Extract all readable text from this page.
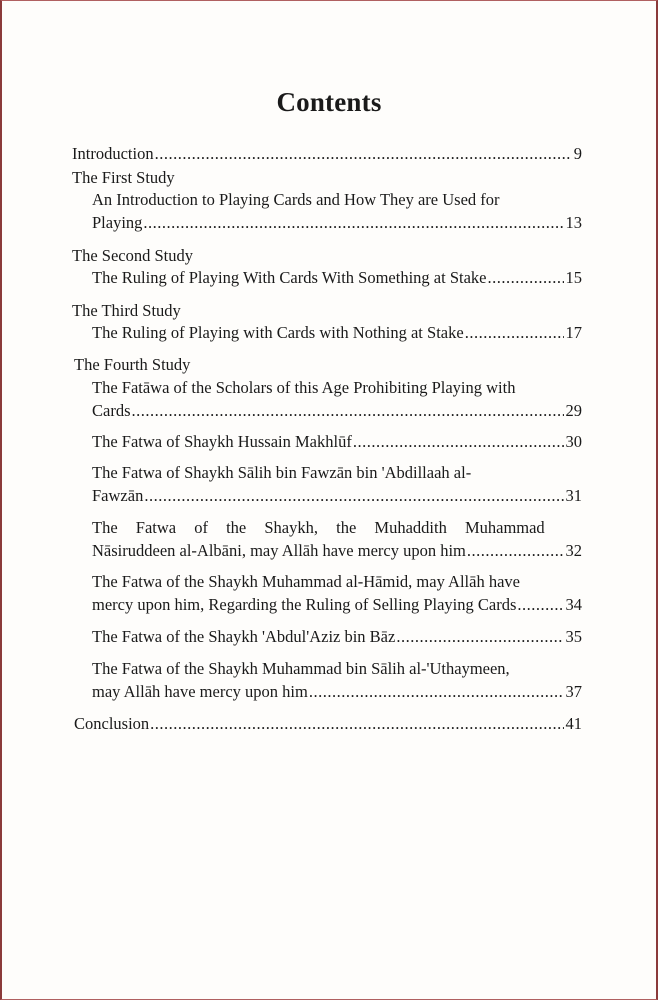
Contents
Introduction .....	9
The First Study
An Introduction to Playing Cards and How They are Used for
Playing .....	13
The Second Study
The Ruling of Playing With Cards With Something at Stake .....	15
The Third Study
The Ruling of Playing with Cards with Nothing at Stake .....	17
The Fourth Study
The Fatāwa of the Scholars of this Age Prohibiting Playing with
Cards .....	29
The Fatwa of Shaykh Hussain Makhlūf .....	30
The Fatwa of Shaykh Sālih bin Fawzān bin 'Abdillaah al-
Fawzān .....	31
The Fatwa of the Shaykh, the Muhaddith Muhammad
Nāsiruddeen al-Albāni, may Allāh have mercy upon him .....	32
The Fatwa of the Shaykh Muhammad al-Hāmid, may Allāh have
mercy upon him, Regarding the Ruling of Selling Playing Cards .....	34
The Fatwa of the Shaykh 'Abdul'Aziz bin Bāz .....	35
The Fatwa of the Shaykh Muhammad bin Sālih al-'Uthaymeen,
may Allāh have mercy upon him .....	37
Conclusion .....	41
